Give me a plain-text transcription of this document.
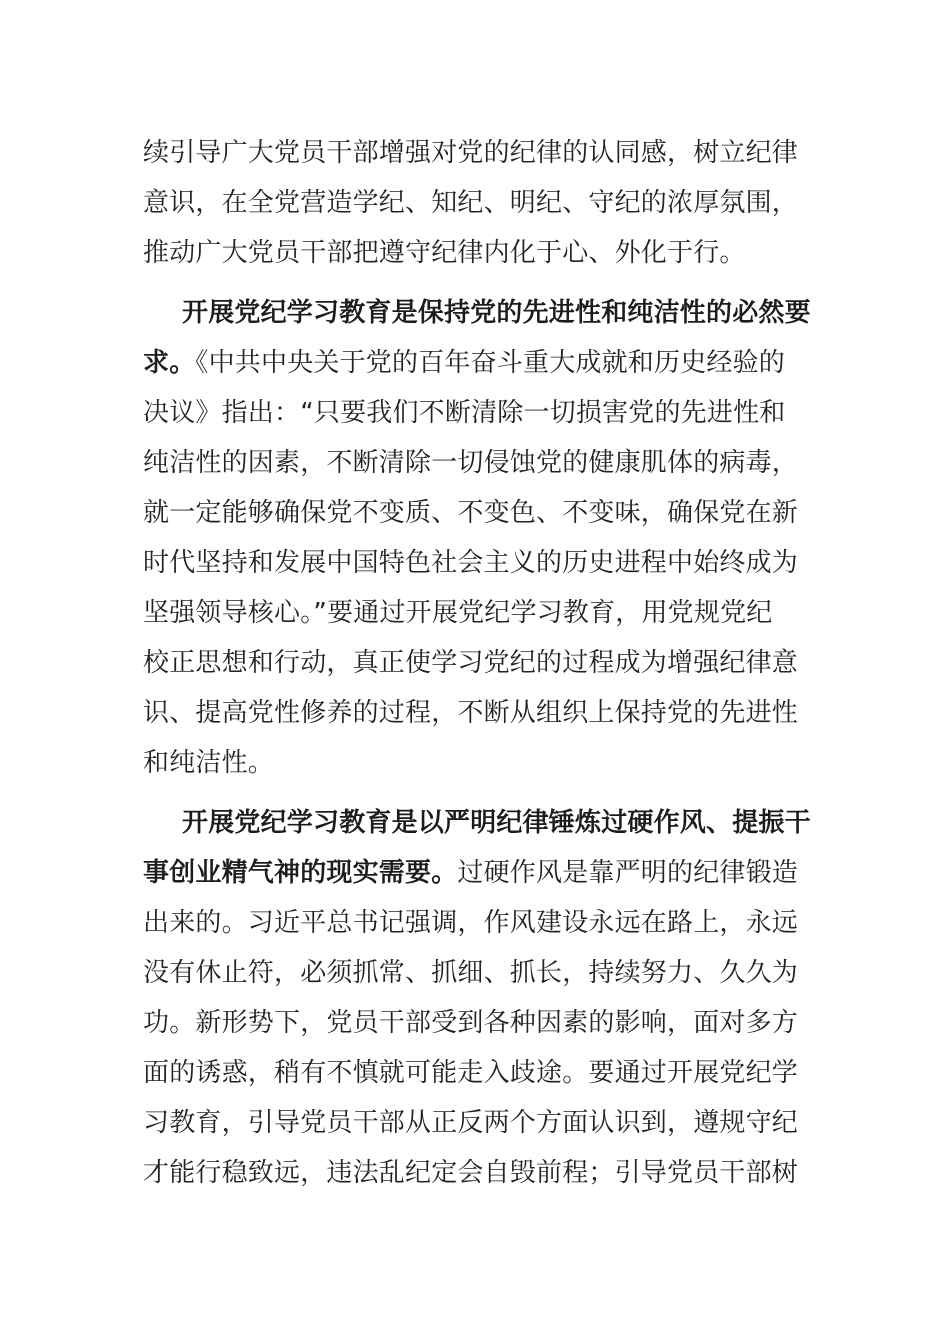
续引导广大党员干部增强对党的纪律的认同感，树立纪律
意识，在全党营造学纪、知纪、明纪、守纪的浓厚氛围，
推动广大党员干部把遵守纪律内化于心、外化于行。
开展党纪学习教育是保持党的先进性和纯洁性的必然要
求。《中共中央关于党的百年奋斗重大成就和历史经验的
决议》指出：“只要我们不断清除一切损害党的先进性和
纯洁性的因素，不断清除一切侵蚀党的健康肌体的病毒，
就一定能够确保党不变质、不变色、不变味，确保党在新
时代坚持和发展中国特色社会主义的历史进程中始终成为
坚强领导核心。”要通过开展党纪学习教育，用党规党纪
校正思想和行动，真正使学习党纪的过程成为增强纪律意
识、提高党性修养的过程，不断从组织上保持党的先进性
和纯洁性。
开展党纪学习教育是以严明纪律锤炼过硬作风、提振干
事创业精气神的现实需要。过硬作风是靠严明的纪律锻造
出来的。习近平总书记强调，作风建设永远在路上，永远
没有休止符，必须抓常、抓细、抓长，持续努力、久久为
功。新形势下，党员干部受到各种因素的影响，面对多方
面的诱惑，稍有不慎就可能走入歧途。要通过开展党纪学
习教育，引导党员干部从正反两个方面认识到，遵规守纪
才能行稳致远，违法乱纪定会自毁前程；引导党员干部树
